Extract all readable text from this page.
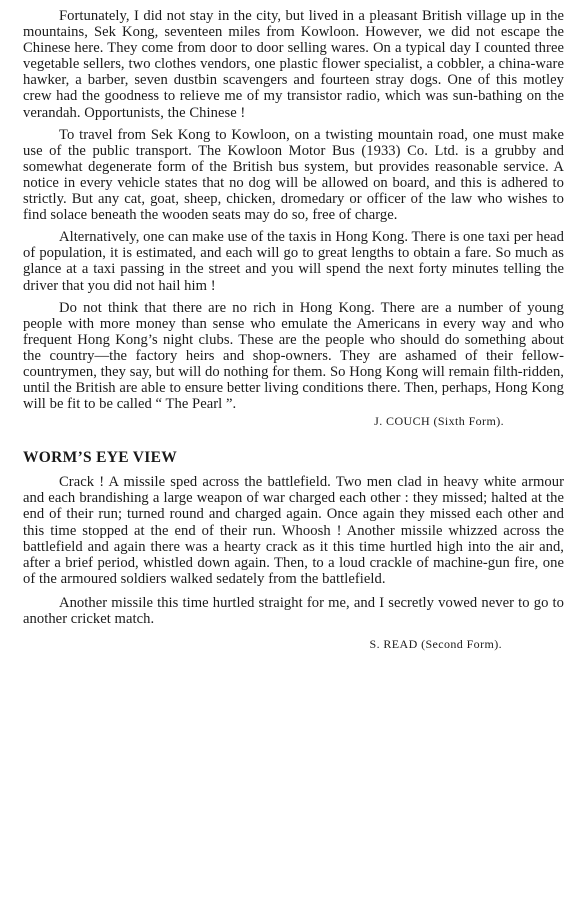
Fortunately, I did not stay in the city, but lived in a pleasant British village up in the mountains, Sek Kong, seventeen miles from Kowloon. However, we did not escape the Chinese here. They come from door to door selling wares. On a typical day I counted three vegetable sellers, two clothes vendors, one plastic flower specialist, a cobbler, a china-ware hawker, a barber, seven dustbin scavengers and fourteen stray dogs. One of this motley crew had the goodness to relieve me of my transistor radio, which was sun-bathing on the verandah. Opportunists, the Chinese !

To travel from Sek Kong to Kowloon, on a twisting mountain road, one must make use of the public transport. The Kowloon Motor Bus (1933) Co. Ltd. is a grubby and somewhat degenerate form of the British bus system, but provides reasonable service. A notice in every vehicle states that no dog will be allowed on board, and this is adhered to strictly. But any cat, goat, sheep, chicken, dromedary or officer of the law who wishes to find solace beneath the wooden seats may do so, free of charge.

Alternatively, one can make use of the taxis in Hong Kong. There is one taxi per head of population, it is estimated, and each will go to great lengths to obtain a fare. So much as glance at a taxi passing in the street and you will spend the next forty minutes telling the driver that you did not hail him !

Do not think that there are no rich in Hong Kong. There are a number of young people with more money than sense who emulate the Americans in every way and who frequent Hong Kong’s night clubs. These are the people who should do something about the country—the factory heirs and shop-owners. They are ashamed of their fellow-countrymen, they say, but will do nothing for them. So Hong Kong will remain filth-ridden, until the British are able to ensure better living conditions there. Then, perhaps, Hong Kong will be fit to be called “ The Pearl ”.

J. COUCH (Sixth Form).
WORM’S EYE VIEW

Crack ! A missile sped across the battlefield. Two men clad in heavy white armour and each brandishing a large weapon of war charged each other : they missed; halted at the end of their run; turned round and charged again. Once again they missed each other and this time stopped at the end of their run. Whoosh ! Another missile whizzed across the battlefield and again there was a hearty crack as it this time hurtled high into the air and, after a brief period, whistled down again. Then, to a loud crackle of machine-gun fire, one of the armoured soldiers walked sedately from the battlefield.

Another missile this time hurtled straight for me, and I secretly vowed never to go to another cricket match.

S. READ (Second Form).
